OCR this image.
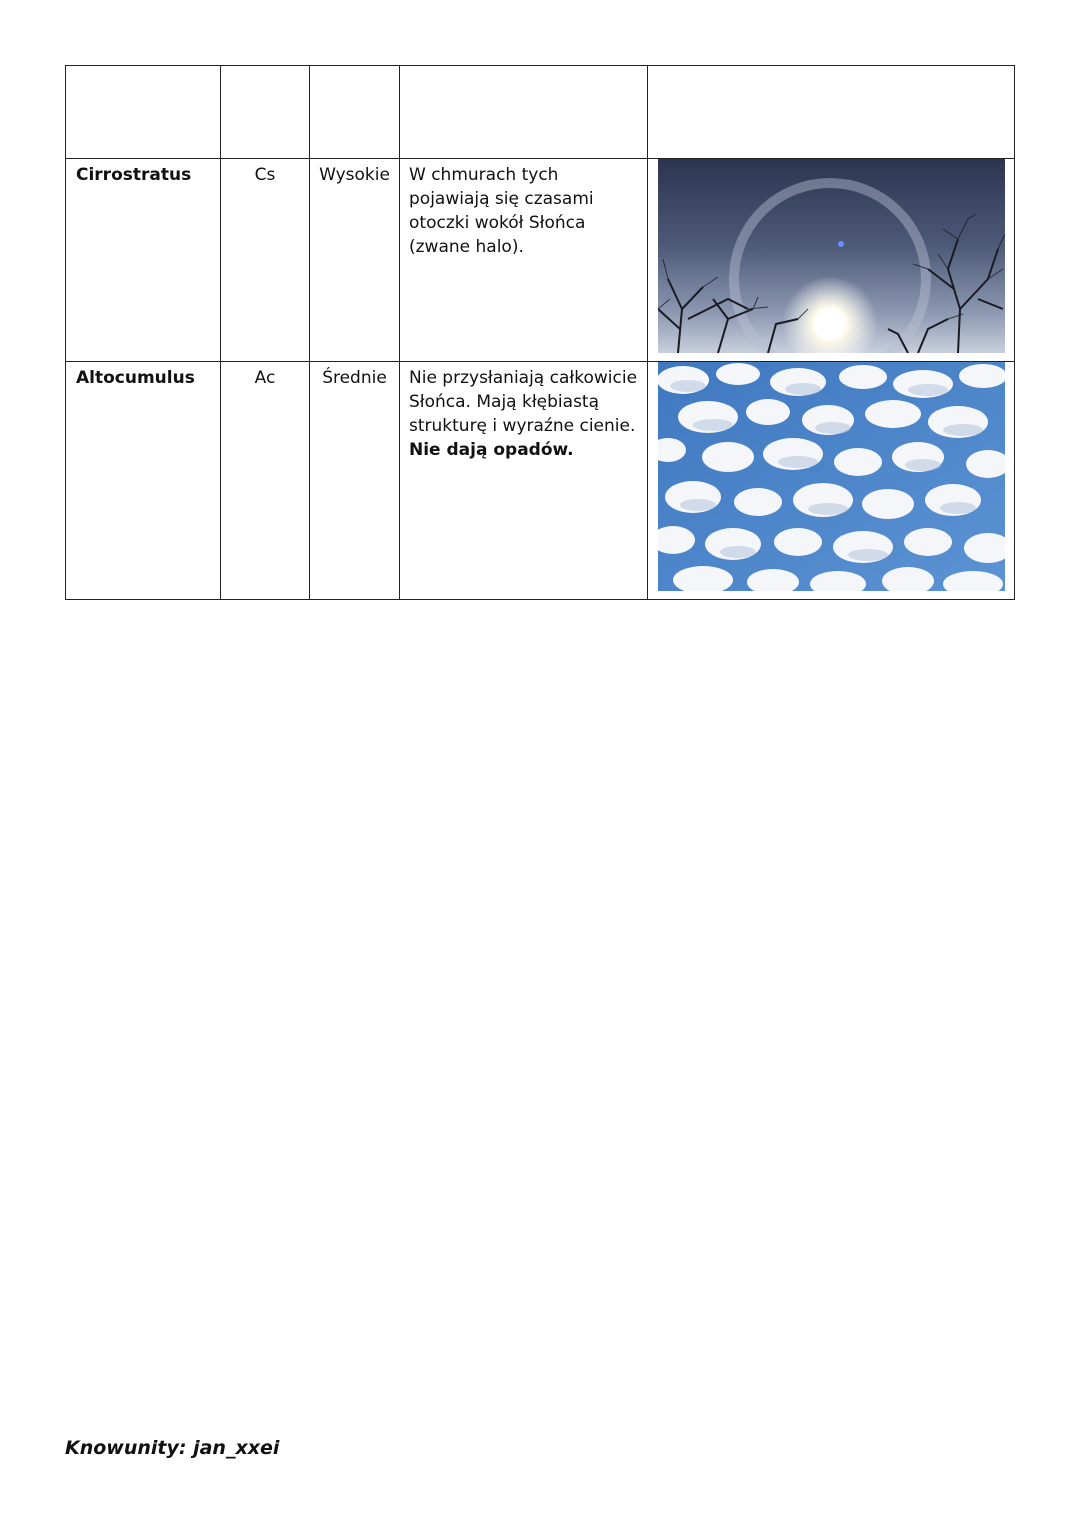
Cirrostratus	Cs	Wysokie	W chmurach tych pojawiają się czasami otoczki wokół Słońca (zwane halo).	

Altocumulus	Ac	Średnie	Nie przysłaniają całkowicie Słońca. Mają kłębiastą strukturę i wyraźne cienie. Nie dają opadów.	
Knowunity: jan_xxei
